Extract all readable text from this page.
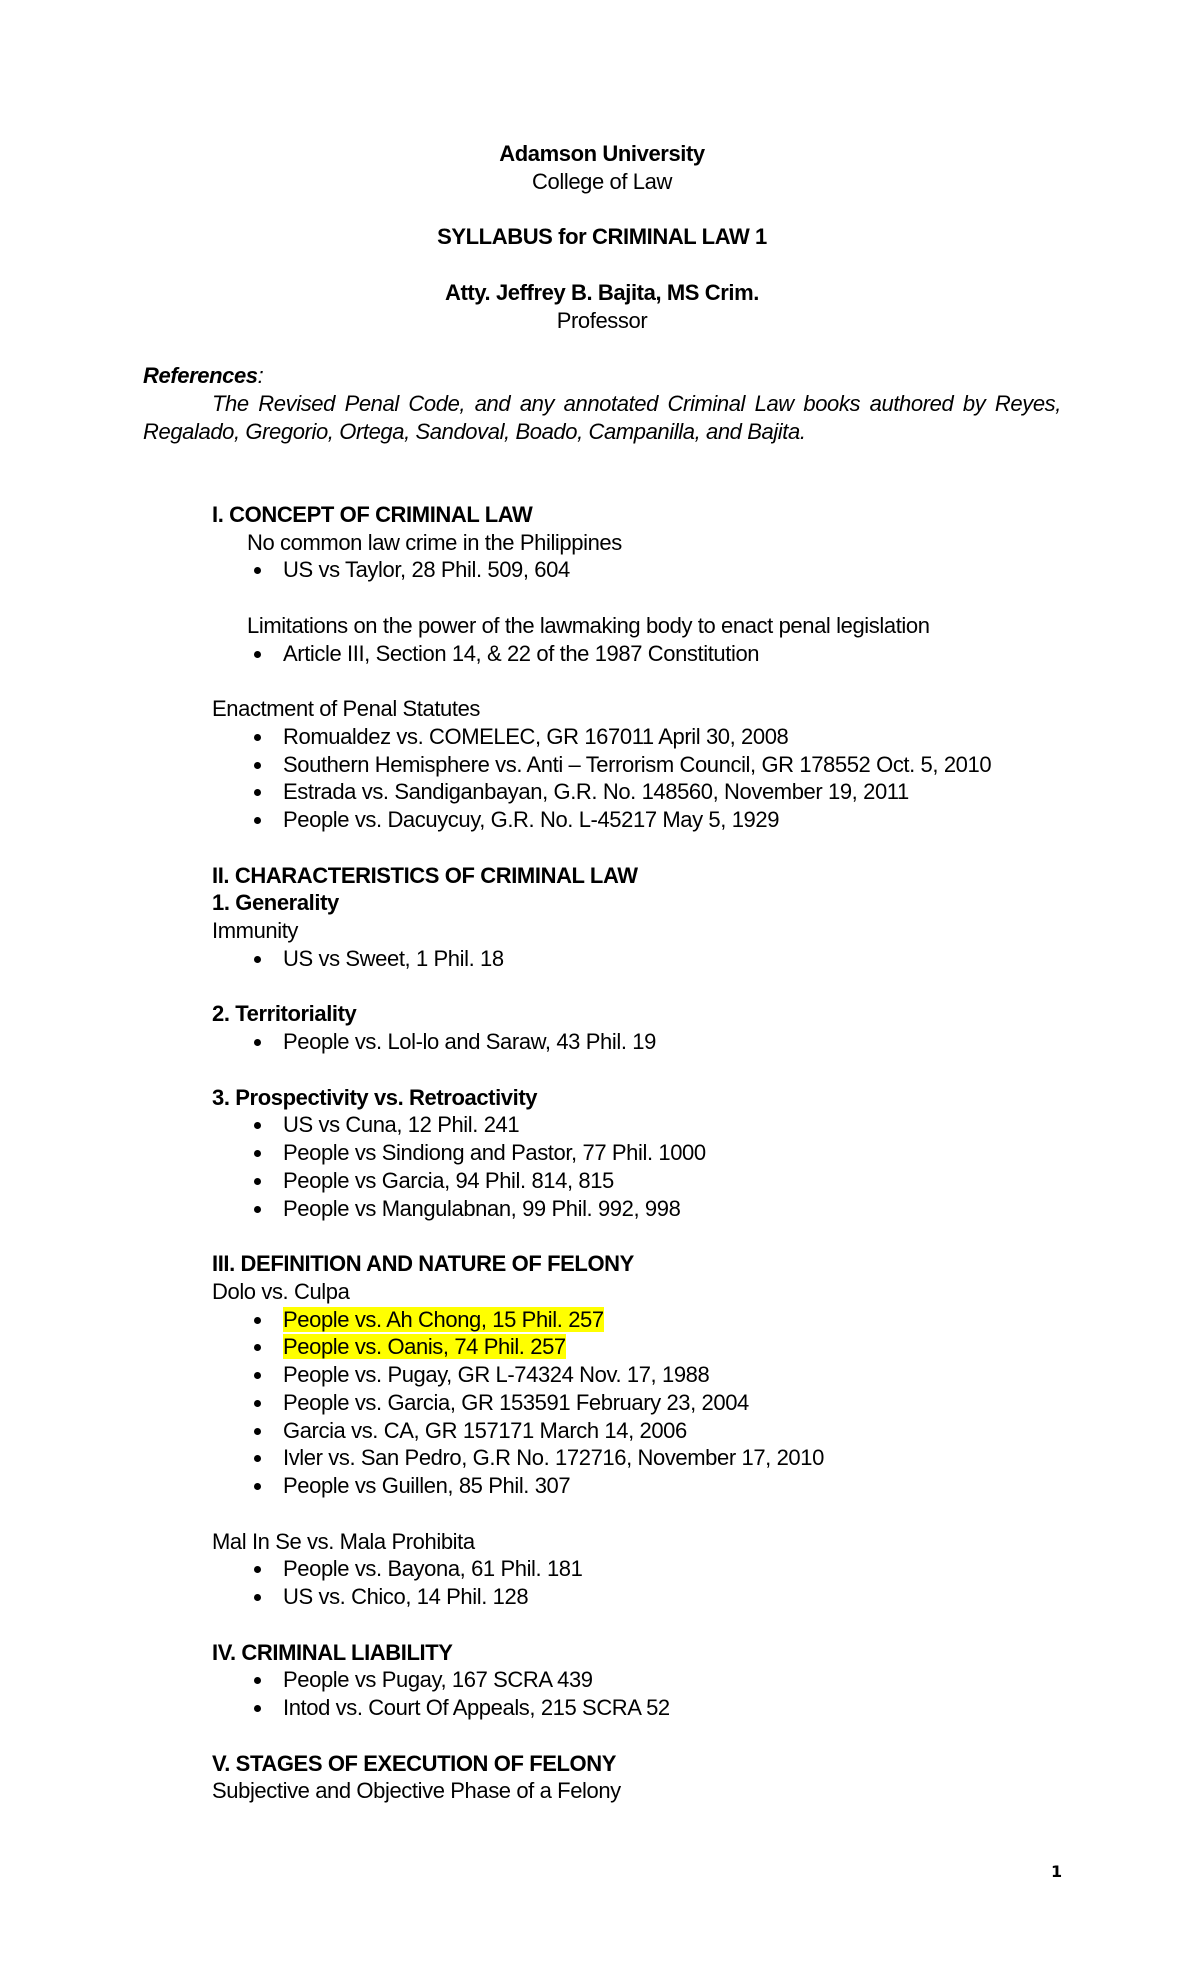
Adamson University
College of Law
SYLLABUS for CRIMINAL LAW 1
Atty. Jeffrey B. Bajita, MS Crim.
Professor
References:
The Revised Penal Code, and any annotated Criminal Law books authored by Reyes, Regalado, Gregorio, Ortega, Sandoval, Boado, Campanilla, and Bajita.
I. CONCEPT OF CRIMINAL LAW
No common law crime in the Philippines
US vs Taylor, 28 Phil. 509, 604
Limitations on the power of the lawmaking body to enact penal legislation
Article III, Section 14, & 22 of the 1987 Constitution
Enactment of Penal Statutes
Romualdez vs. COMELEC, GR 167011 April 30, 2008
Southern Hemisphere vs. Anti – Terrorism Council, GR 178552 Oct. 5, 2010
Estrada vs. Sandiganbayan, G.R. No. 148560, November 19, 2011
People vs. Dacuycuy, G.R. No. L-45217 May 5, 1929
II. CHARACTERISTICS OF CRIMINAL LAW
1. Generality
Immunity
US vs Sweet, 1 Phil. 18
2. Territoriality
People vs. Lol-lo and Saraw, 43 Phil. 19
3. Prospectivity vs. Retroactivity
US vs Cuna, 12 Phil. 241
People vs Sindiong and Pastor, 77 Phil. 1000
People vs Garcia, 94 Phil. 814, 815
People vs Mangulabnan, 99 Phil. 992, 998
III. DEFINITION AND NATURE OF FELONY
Dolo vs. Culpa
People vs. Ah Chong, 15 Phil. 257
People vs. Oanis, 74 Phil. 257
People vs. Pugay, GR L-74324 Nov. 17, 1988
People vs. Garcia, GR 153591 February 23, 2004
Garcia vs. CA, GR 157171 March 14, 2006
Ivler vs. San Pedro, G.R No. 172716, November 17, 2010
People vs Guillen, 85 Phil. 307
Mal In Se vs. Mala Prohibita
People vs. Bayona, 61 Phil. 181
US vs. Chico, 14 Phil. 128
IV. CRIMINAL LIABILITY
People vs Pugay, 167 SCRA 439
Intod vs. Court Of Appeals, 215 SCRA 52
V. STAGES OF EXECUTION OF FELONY
Subjective and Objective Phase of a Felony
1
